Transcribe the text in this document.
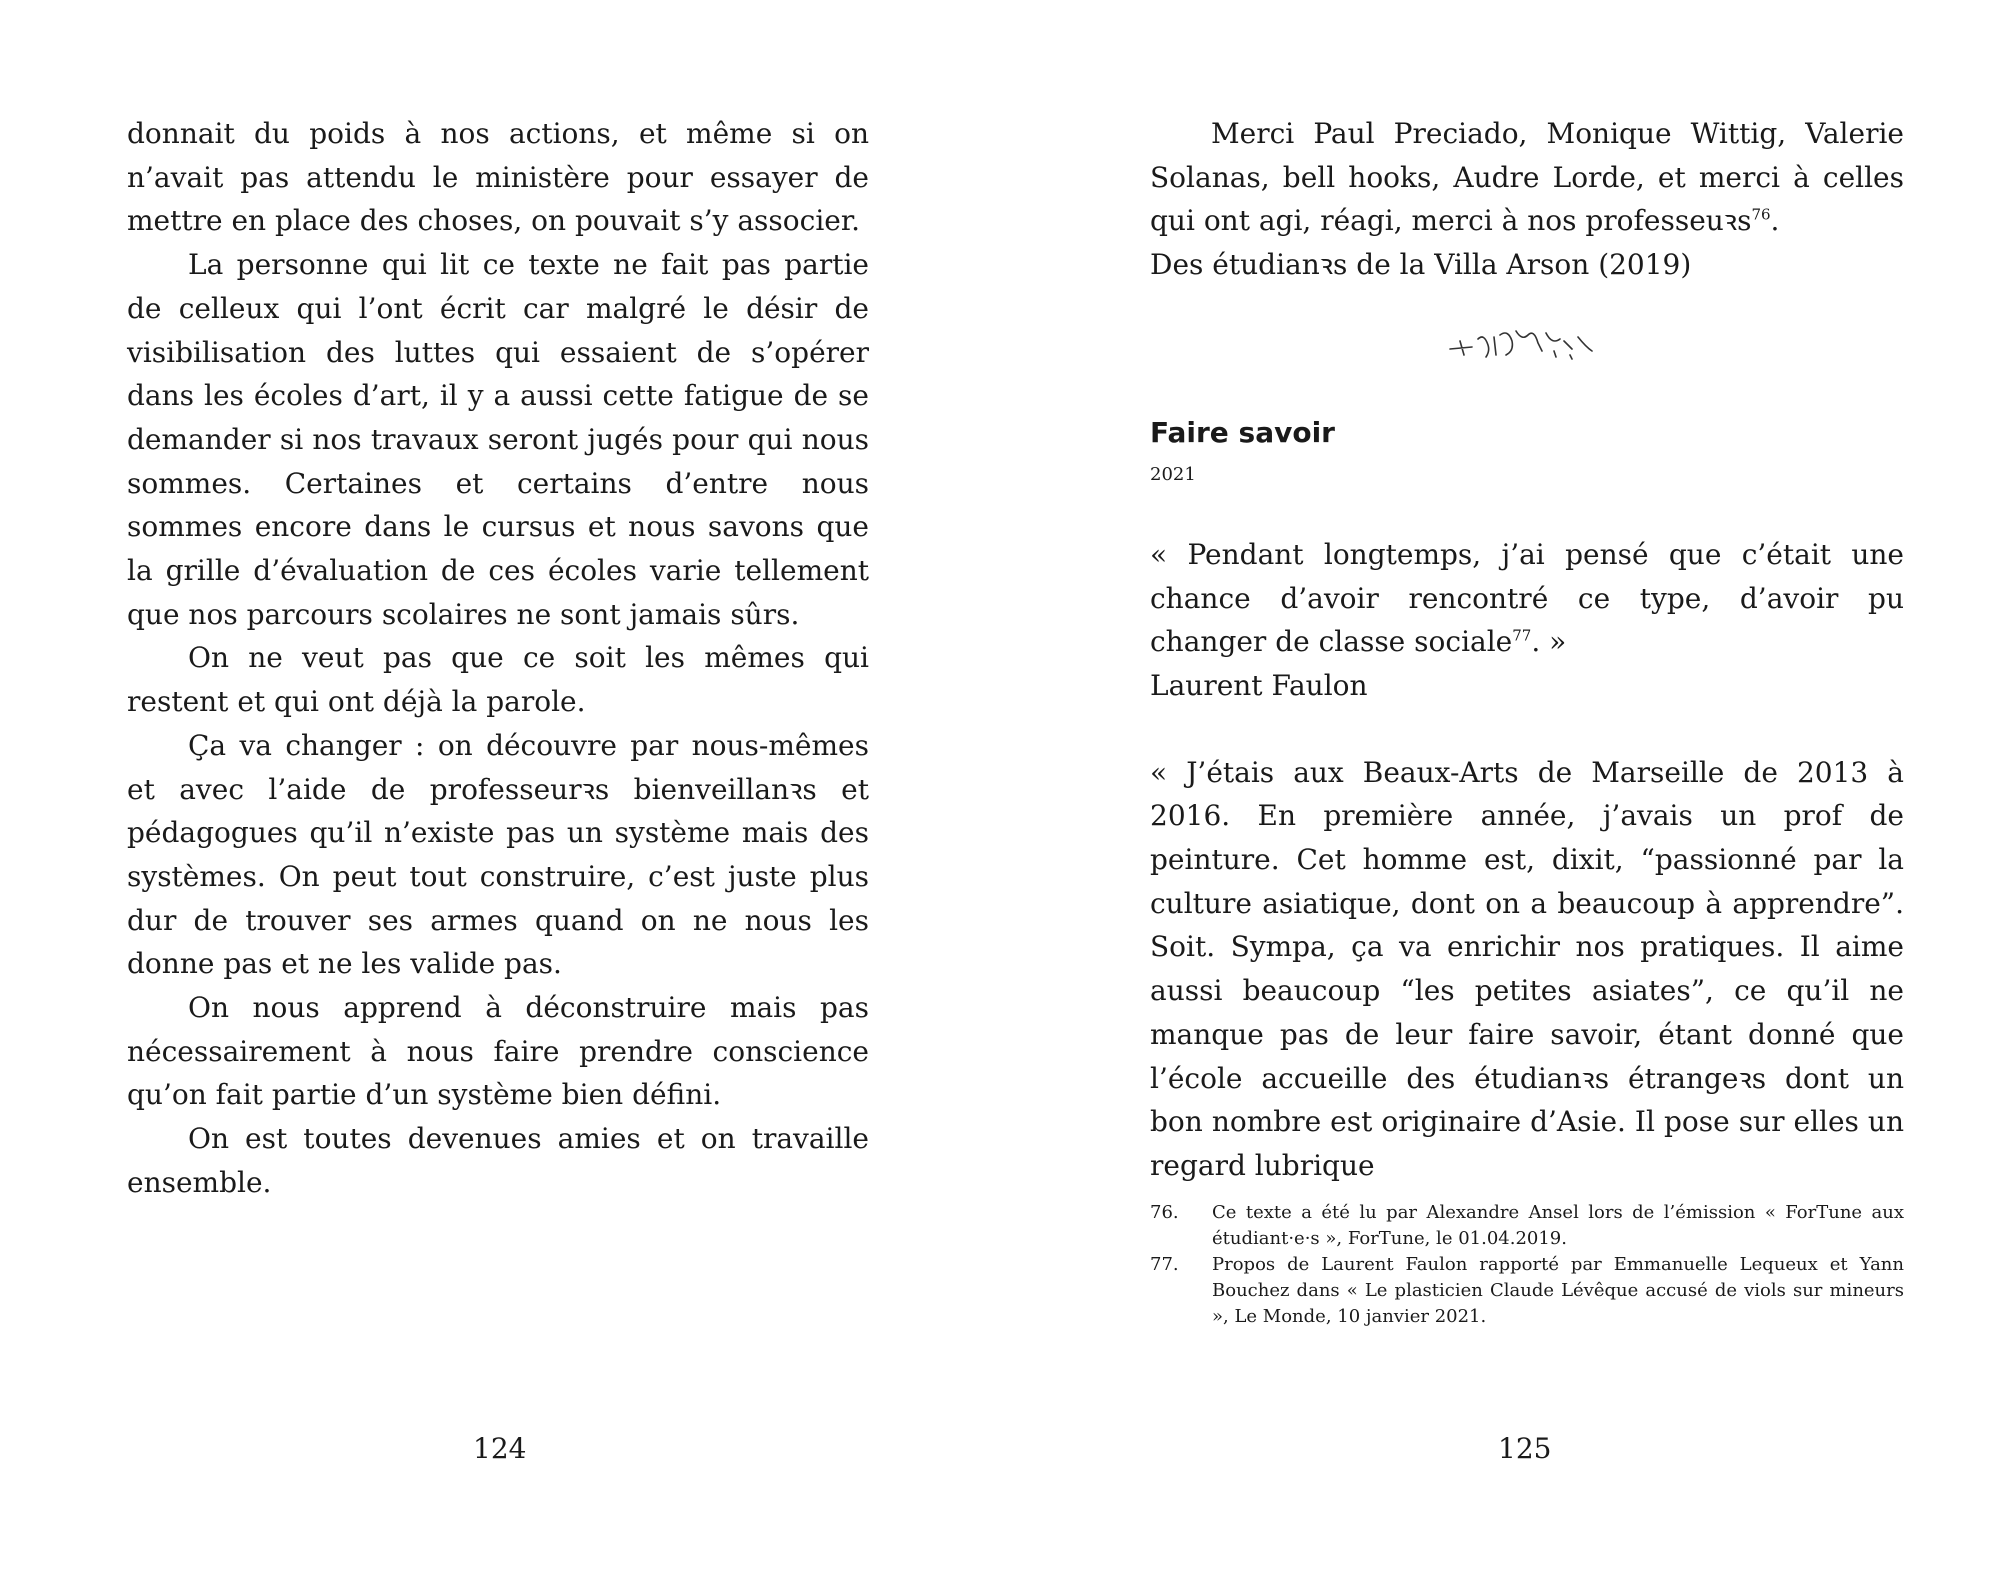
donnait du poids à nos actions, et même si on n’avait pas attendu le ministère pour essayer de mettre en place des choses, on pouvait s’y associer.

La personne qui lit ce texte ne fait pas partie de celleux qui l’ont écrit car malgré le désir de visibilisation des luttes qui essaient de s’opérer dans les écoles d’art, il y a aussi cette fatigue de se demander si nos travaux seront jugés pour qui nous sommes. Certaines et certains d’entre nous sommes encore dans le cursus et nous savons que la grille d’évaluation de ces écoles varie tellement que nos parcours scolaires ne sont jamais sûrs.

On ne veut pas que ce soit les mêmes qui restent et qui ont déjà la parole.

Ça va changer : on découvre par nous-mêmes et avec l’aide de professeurꝛs bienveillanꝛs et pédagogues qu’il n’existe pas un système mais des systèmes. On peut tout construire, c’est juste plus dur de trouver ses armes quand on ne nous les donne pas et ne les valide pas.

On nous apprend à déconstruire mais pas nécessairement à nous faire prendre conscience qu’on fait partie d’un système bien défini.

On est toutes devenues amies et on travaille ensemble.

124

Merci Paul Preciado, Monique Wittig, Valerie Solanas, bell hooks, Audre Lorde, et merci à celles qui ont agi, réagi, merci à nos professeuꝛs$^{76}$.

Des étudianꝛs de la Villa Arson (2019)

Faire savoir
2021

« Pendant longtemps, j’ai pensé que c’était une chance d’avoir rencontré ce type, d’avoir pu changer de classe sociale$^{77}$. »

Laurent Faulon

« J’étais aux Beaux-Arts de Marseille de 2013 à 2016. En première année, j’avais un prof de peinture. Cet homme est, dixit, “passionné par la culture asiatique, dont on a beaucoup à apprendre”. Soit. Sympa, ça va enrichir nos pratiques. Il aime aussi beaucoup “les petites asiates”, ce qu’il ne manque pas de leur faire savoir, étant donné que l’école accueille des étudianꝛs étrangeꝛs dont un bon nombre est originaire d’Asie. Il pose sur elles un regard lubrique

76.	Ce texte a été lu par Alexandre Ansel lors de l’émission « ForTune aux étudiant·e·s », ForTune, le 01.04.2019.
77.	Propos de Laurent Faulon rapporté par Emmanuelle Lequeux et Yann Bouchez dans « Le plasticien Claude Lévêque accusé de viols sur mineurs », Le Monde, 10 janvier 2021.
125
